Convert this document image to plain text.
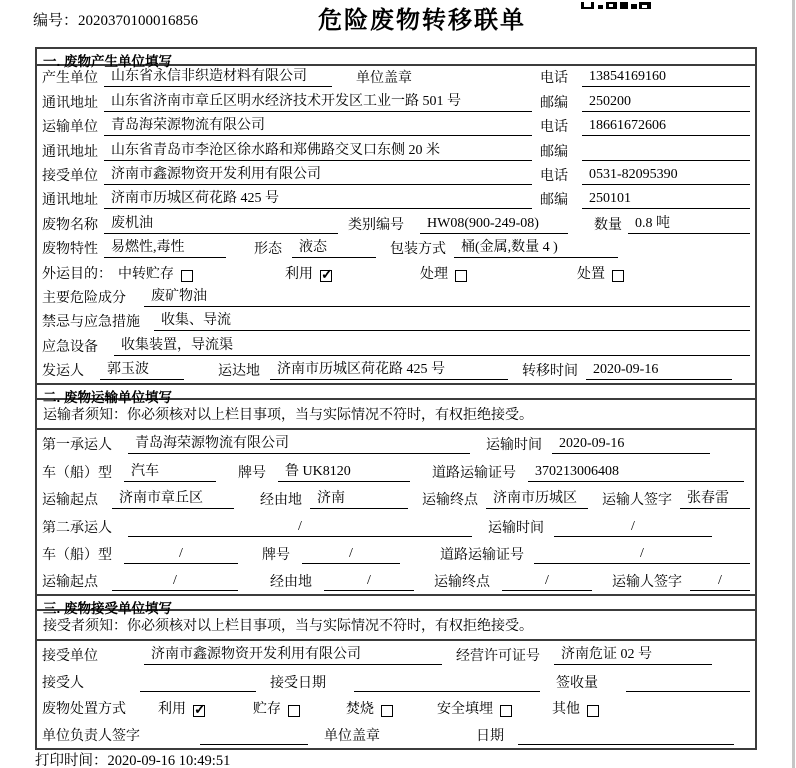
编号：2020370100016856	危险废物转移联单
一. 废物产生单位填写
产生单位 山东省永信非织造材料有限公司	单位盖章	电话	13854169160
通讯地址 山东省济南市章丘区明水经济技术开发区工业一路 501 号	邮编	250200
运输单位 青岛海荣源物流有限公司	电话	18661672606
通讯地址 山东省青岛市李沧区徐水路和郑佛路交叉口东侧 20 米	邮编
接受单位 济南市鑫源物资开发利用有限公司	电话	0531-82095390
通讯地址 济南市历城区荷花路 425 号	邮编	250101
废物名称 废机油	类别编号	HW08(900-249-08)	数量 0.8 吨
废物特性 易燃性,毒性	形态	液态	包装方式	桶(金属,数量 4 )
外运目的： 中转贮存	利用 ✓	处理	处置
主要危险成分	废矿物油
禁忌与应急措施	收集、导流
应急设备	收集装置，导流渠
发运人	郭玉波	运达地	济南市历城区荷花路 425 号	转移时间	2020-09-16
二. 废物运输单位填写
运输者须知：你必须核对以上栏目事项，当与实际情况不符时，有权拒绝接受。
第一承运人	青岛海荣源物流有限公司	运输时间	2020-09-16
车（船）型	汽车	牌号	鲁 UK8120	道路运输证号	370213006408
运输起点	济南市章丘区	经由地	济南	运输终点	济南市历城区	运输人签字	张春雷
第二承运人	/	运输时间	/
车（船）型	/	牌号	/	道路运输证号	/
运输起点	/	经由地	/	运输终点	/	运输人签字	/
三. 废物接受单位填写
接受者须知：你必须核对以上栏目事项，当与实际情况不符时，有权拒绝接受。
接受单位	济南市鑫源物资开发利用有限公司	经营许可证号	济南危证 02 号
接受人	接受日期	签收量
废物处置方式 利用 ✓	贮存	焚烧	安全填埋	其他
单位负责人签字	单位盖章	日期
打印时间：2020-09-16 10:49:51
